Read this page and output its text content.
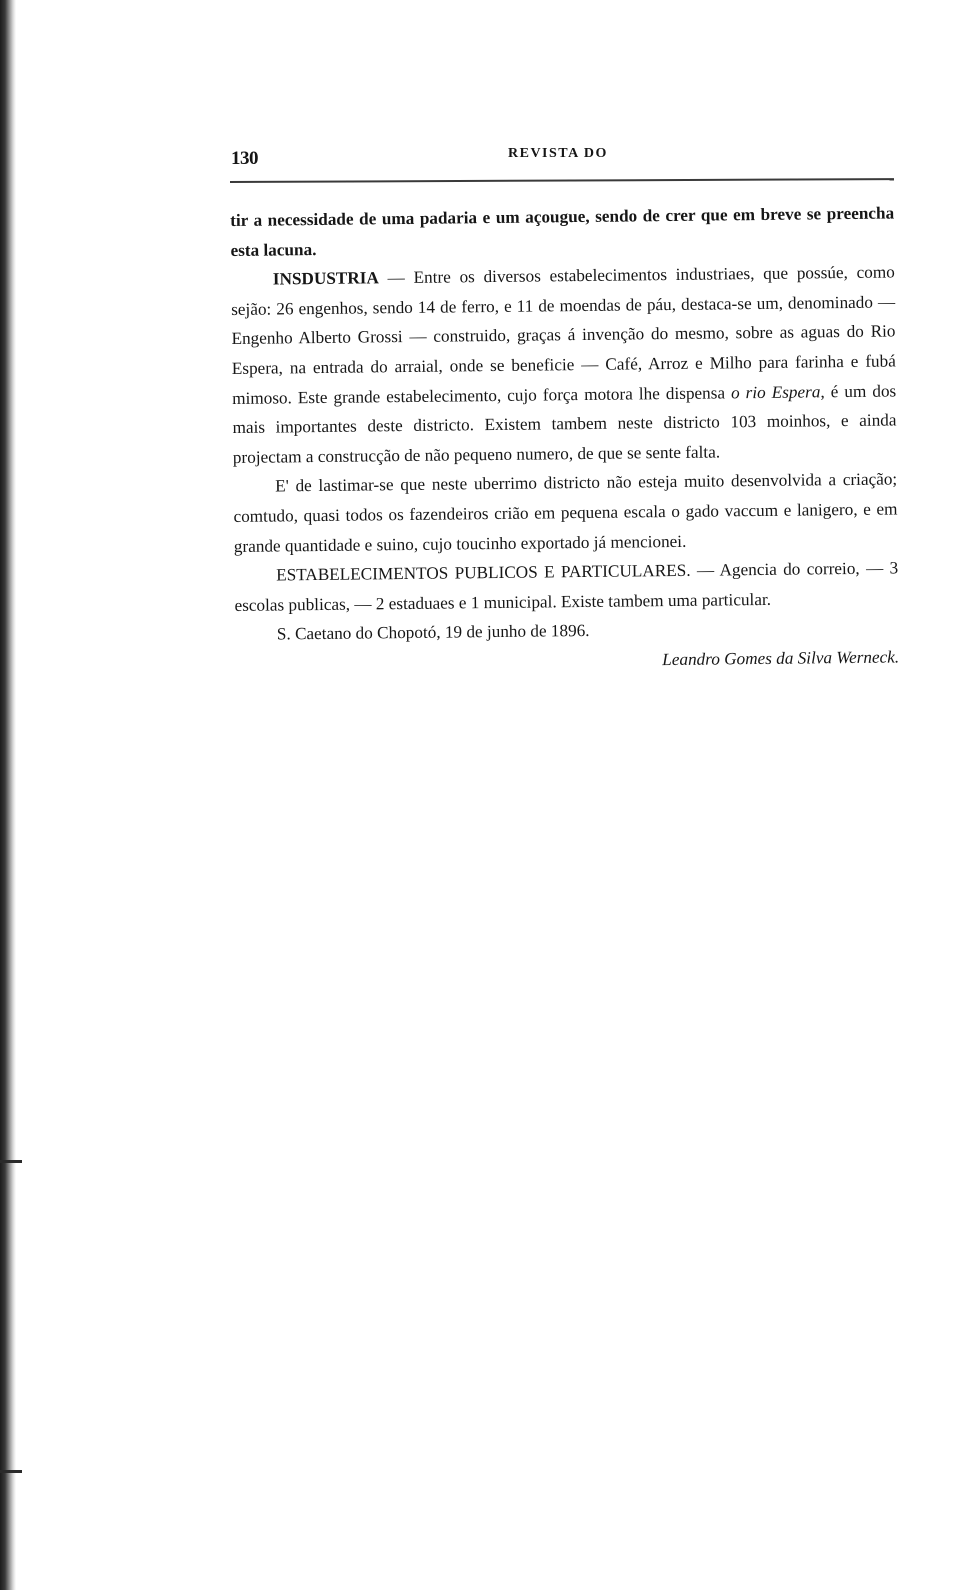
130	REVISTA DO

tir a necessidade de uma padaria e um açougue, sendo de crer que em breve se preencha esta lacuna.

INSDUSTRIA — Entre os diversos estabelecimentos industriaes, que possúe, como sejão: 26 engenhos, sendo 14 de ferro, e 11 de moendas de páu, destaca-se um, denominado — Engenho Alberto Grossi — construido, graças á invenção do mesmo, sobre as aguas do Rio Espera, na entrada do arraial, onde se beneficie — Café, Arroz e Milho para farinha e fubá mimoso. Este grande estabelecimento, cujo força motora lhe dispensa o rio Espera, é um dos mais importantes deste districto. Existem tambem neste districto 103 moinhos, e ainda projectam a construcção de não pequeno numero, de que se sente falta.

E' de lastimar-se que neste uberrimo districto não esteja muito desenvolvida a criação; comtudo, quasi todos os fazendeiros crião em pequena escala o gado vaccum e lanigero, e em grande quantidade e suino, cujo toucinho exportado já mencionei.

ESTABELECIMENTOS PUBLICOS E PARTICULARES. — Agencia do correio, — 3 escolas publicas, — 2 estaduaes e 1 municipal. Existe tambem uma particular.

S. Caetano do Chopotó, 19 de junho de 1896.

Leandro Gomes da Silva Werneck.
